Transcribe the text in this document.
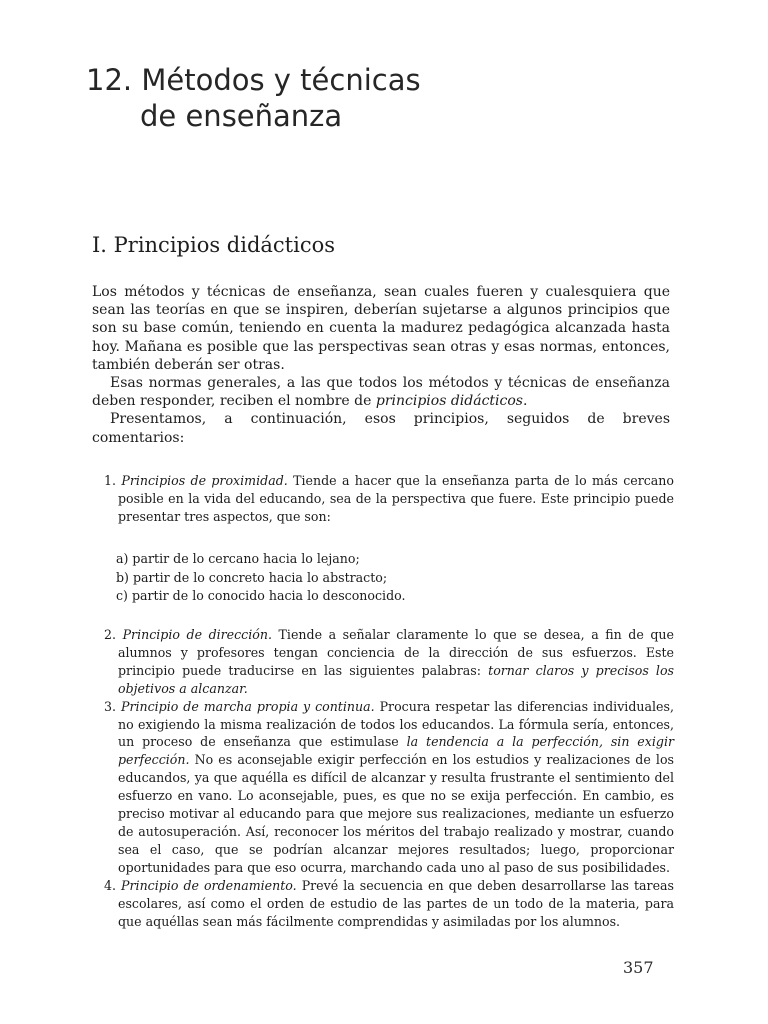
12. Métodos y técnicas
de enseñanza
I. Principios didácticos

Los métodos y técnicas de enseñanza, sean cuales fueren y cualesquiera que sean las teorías en que se inspiren, deberían sujetarse a algunos principios que son su base común, teniendo en cuenta la madurez pedagógica alcanzada hasta hoy. Mañana es posible que las perspectivas sean otras y esas normas, entonces, también deberán ser otras.

Esas normas generales, a las que todos los métodos y técnicas de enseñanza deben responder, reciben el nombre de principios didácticos.

Presentamos, a continuación, esos principios, seguidos de breves comentarios:

1. Principios de proximidad. Tiende a hacer que la enseñanza parta de lo más cercano posible en la vida del educando, sea de la perspectiva que fuere. Este principio puede presentar tres aspectos, que son:
a) partir de lo cercano hacia lo lejano;
b) partir de lo concreto hacia lo abstracto;
c) partir de lo conocido hacia lo desconocido.

2. Principio de dirección. Tiende a señalar claramente lo que se desea, a fin de que alumnos y profesores tengan conciencia de la dirección de sus esfuerzos. Este principio puede traducirse en las siguientes palabras: tornar claros y precisos los objetivos a alcanzar.

3. Principio de marcha propia y continua. Procura respetar las diferencias individuales, no exigiendo la misma realización de todos los educandos. La fórmula sería, entonces, un proceso de enseñanza que estimulase la tendencia a la perfección, sin exigir perfección. No es aconsejable exigir perfección en los estudios y realizaciones de los educandos, ya que aquélla es difícil de alcanzar y resulta frustrante el sentimiento del esfuerzo en vano. Lo aconsejable, pues, es que no se exija perfección. En cambio, es preciso motivar al educando para que mejore sus realizaciones, mediante un esfuerzo de autosuperación. Así, reconocer los méritos del trabajo realizado y mostrar, cuando sea el caso, que se podrían alcanzar mejores resultados; luego, proporcionar oportunidades para que eso ocurra, marchando cada uno al paso de sus posibilidades.

4. Principio de ordenamiento. Prevé la secuencia en que deben desarrollarse las tareas escolares, así como el orden de estudio de las partes de un todo de la materia, para que aquéllas sean más fácilmente comprendidas y asimiladas por los alumnos.

357
